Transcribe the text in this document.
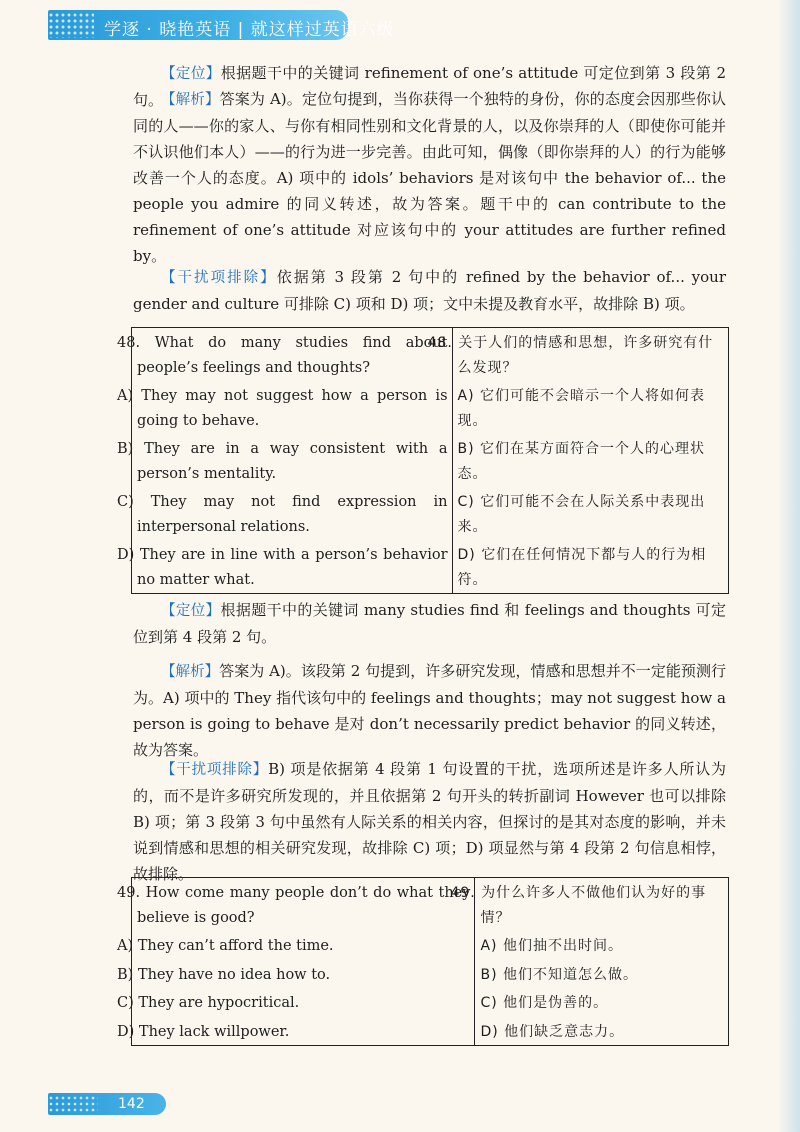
学逐 · 晓艳英语 | 就这样过英语六级

【定位】根据题干中的关键词 refinement of one’s attitude 可定位到第 3 段第 2 句。

【解析】答案为 A)。定位句提到，当你获得一个独特的身份，你的态度会因那些你认同的人——你的家人、与你有相同性别和文化背景的人，以及你崇拜的人（即使你可能并不认识他们本人）——的行为进一步完善。由此可知，偶像（即你崇拜的人）的行为能够改善一个人的态度。A) 项中的 idols’ behaviors 是对该句中 the behavior of... the people you admire 的同义转述，故为答案。题干中的 can contribute to the refinement of one’s attitude 对应该句中的 your attitudes are further refined by。

【干扰项排除】依据第 3 段第 2 句中的 refined by the behavior of... your gender and culture 可排除 C) 项和 D) 项；文中未提及教育水平，故排除 B) 项。

48. What do many studies find about people’s feelings and thoughts?	48. 关于人们的情感和思想，许多研究有什么发现？
A) They may not suggest how a person is going to behave.	A) 它们可能不会暗示一个人将如何表现。
B) They are in a way consistent with a person’s mentality.	B) 它们在某方面符合一个人的心理状态。
C) They may not find expression in interpersonal relations.	C) 它们可能不会在人际关系中表现出来。
D) They are in line with a person’s behavior no matter what.	D) 它们在任何情况下都与人的行为相符。

【定位】根据题干中的关键词 many studies find 和 feelings and thoughts 可定位到第 4 段第 2 句。

【解析】答案为 A)。该段第 2 句提到，许多研究发现，情感和思想并不一定能预测行为。A) 项中的 They 指代该句中的 feelings and thoughts；may not suggest how a person is going to behave 是对 don’t necessarily predict behavior 的同义转述，故为答案。

【干扰项排除】B) 项是依据第 4 段第 1 句设置的干扰，选项所述是许多人所认为的，而不是许多研究所发现的，并且依据第 2 句开头的转折副词 However 也可以排除 B) 项；第 3 段第 3 句中虽然有人际关系的相关内容，但探讨的是其对态度的影响，并未说到情感和思想的相关研究发现，故排除 C) 项；D) 项显然与第 4 段第 2 句信息相悖，故排除。

49. How come many people don’t do what they believe is good?	49. 为什么许多人不做他们认为好的事情？
A) They can’t afford the time.	A) 他们抽不出时间。
B) They have no idea how to.	B) 他们不知道怎么做。
C) They are hypocritical.	C) 他们是伪善的。
D) They lack willpower.	D) 他们缺乏意志力。
142
